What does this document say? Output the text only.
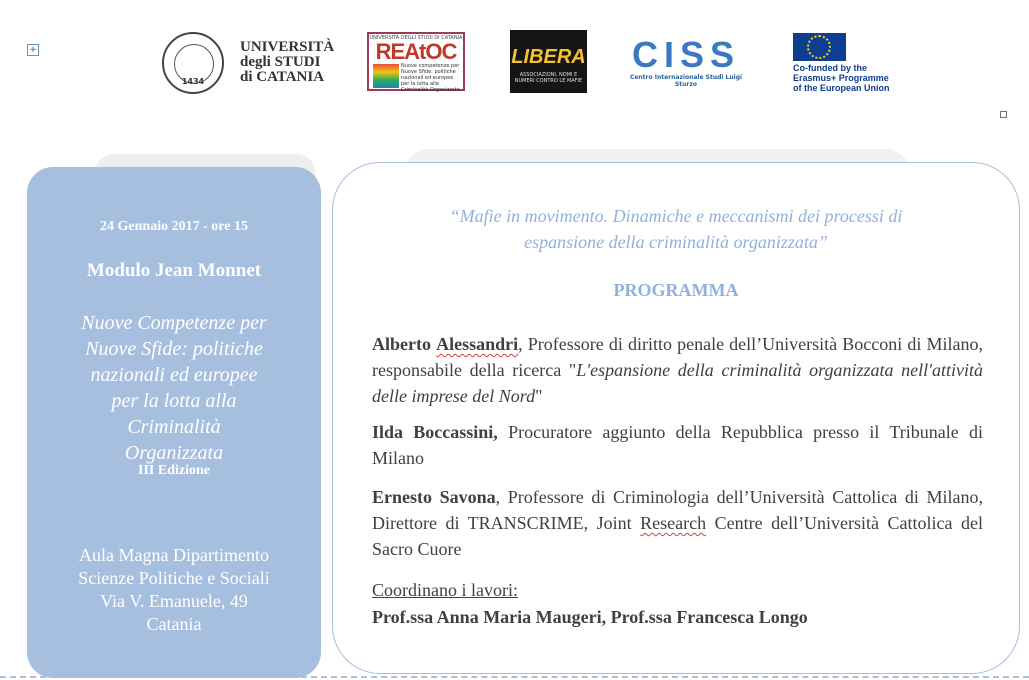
+
1434
UNIVERSITÀ
degli STUDI
di CATANIA
UNIVERSITÀ DEGLI STUDI DI CATANIA
REAtOC
Nuove competenze per Nuove Sfide: politiche nazionali ed europee per la lotta alla Criminalità Organizzata
LIBERA
ASSOCIAZIONI, NOMI E NUMERI CONTRO LE MAFIE
CISS
Centro Internazionale Studi Luigi Sturzo
Co-funded by the
Erasmus+ Programme
of the European Union
24 Gennaio 2017 - ore 15
Modulo Jean Monnet
Nuove Competenze per
Nuove Sfide: politiche
nazionali ed europee
per la lotta alla
Criminalità
Organizzata
III Edizione
Aula Magna Dipartimento
Scienze Politiche e Sociali
Via V. Emanuele, 49
Catania
“Mafie in movimento. Dinamiche e meccanismi dei processi di
espansione della criminalità organizzata”
PROGRAMMA
Alberto Alessandri, Professore di diritto penale dell’Università Bocconi di Milano, responsabile della ricerca "L'espansione della criminalità organizzata nell'attività delle imprese del Nord"
Ilda Boccassini, Procuratore aggiunto della Repubblica presso il Tribunale di Milano
Ernesto Savona, Professore di Criminologia dell’Università Cattolica di Milano, Direttore di TRANSCRIME, Joint Research Centre dell’Università Cattolica del Sacro Cuore
Coordinano i lavori:
Prof.ssa Anna Maria Maugeri, Prof.ssa Francesca Longo
